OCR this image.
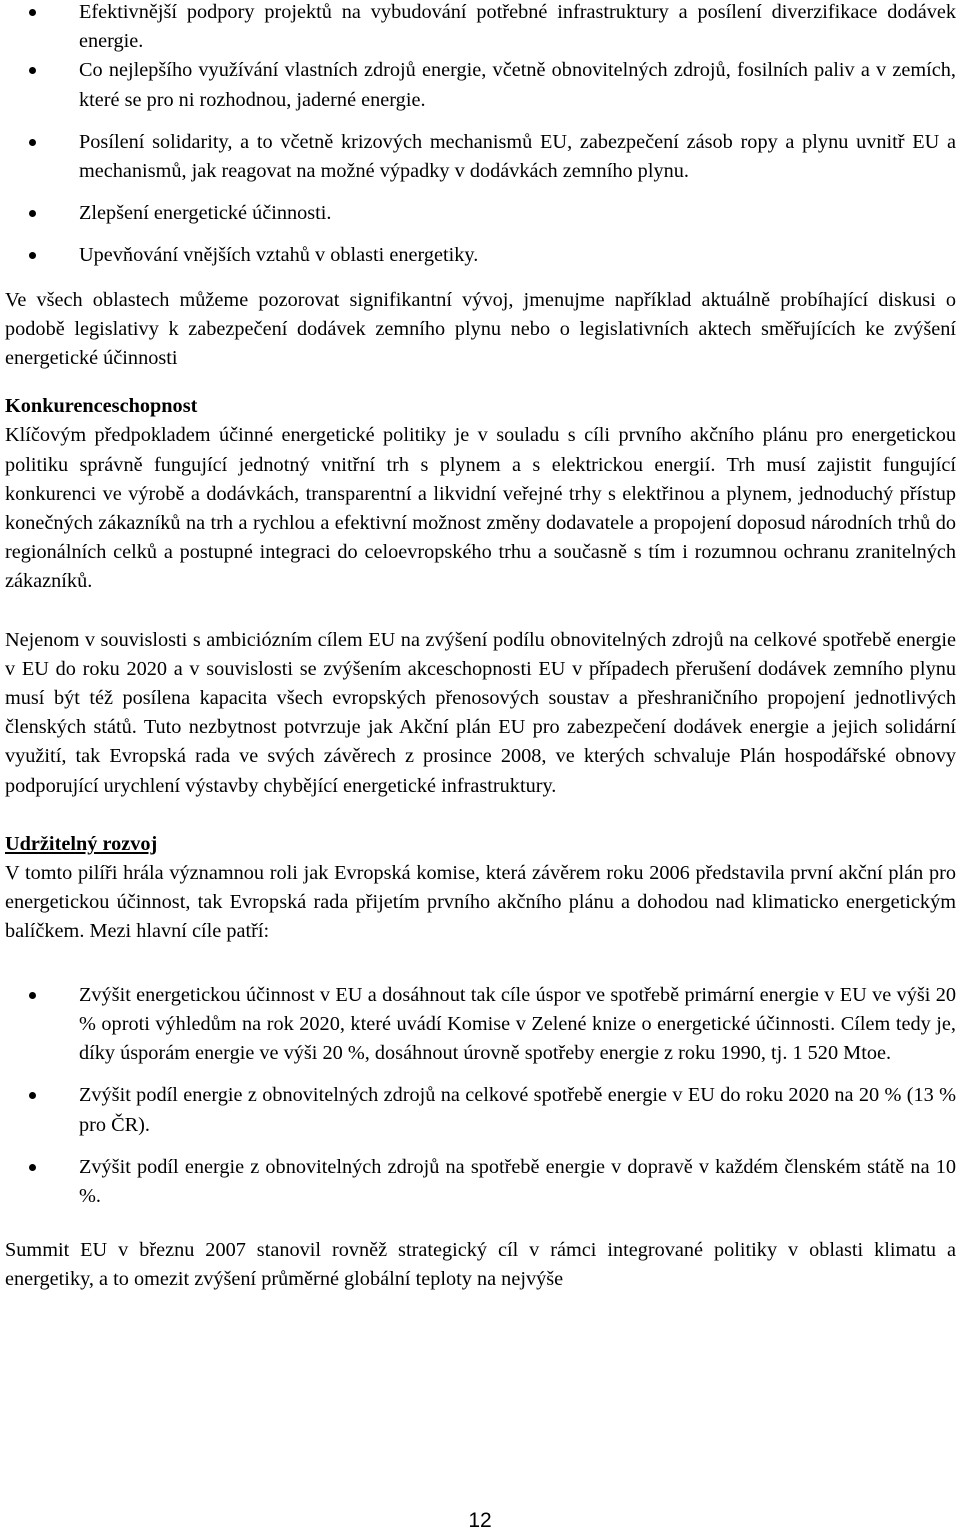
Efektivnější podpory projektů na vybudování potřebné infrastruktury a posílení diverzifikace dodávek energie.
Co nejlepšího využívání vlastních zdrojů energie, včetně obnovitelných zdrojů, fosilních paliv a v zemích, které se pro ni rozhodnou, jaderné energie.
Posílení solidarity, a to včetně krizových mechanismů EU, zabezpečení zásob ropy a plynu uvnitř EU a mechanismů, jak reagovat na možné výpadky v dodávkách zemního plynu.
Zlepšení energetické účinnosti.
Upevňování vnějších vztahů v oblasti energetiky.

Ve všech oblastech můžeme pozorovat signifikantní vývoj, jmenujme například aktuálně probíhající diskusi o podobě legislativy k zabezpečení dodávek zemního plynu nebo o legislativních aktech směřujících ke zvýšení energetické účinnosti

Konkurenceschopnost

Klíčovým předpokladem účinné energetické politiky je v souladu s cíli prvního akčního plánu pro energetickou politiku správně fungující jednotný vnitřní trh s plynem a s elektrickou energií. Trh musí zajistit fungující konkurenci ve výrobě a dodávkách, transparentní a likvidní veřejné trhy s elektřinou a plynem, jednoduchý přístup konečných zákazníků na trh a rychlou a efektivní možnost změny dodavatele a propojení doposud národních trhů do regionálních celků a postupné integraci do celoevropského trhu a současně s tím i rozumnou ochranu zranitelných zákazníků.

Nejenom v souvislosti s ambiciózním cílem EU na zvýšení podílu obnovitelných zdrojů na celkové spotřebě energie v EU do roku 2020 a v souvislosti se zvýšením akceschopnosti EU v případech přerušení dodávek zemního plynu musí být též posílena kapacita všech evropských přenosových soustav a přeshraničního propojení jednotlivých členských států. Tuto nezbytnost potvrzuje jak Akční plán EU pro zabezpečení dodávek energie a jejich solidární využití, tak Evropská rada ve svých závěrech z prosince 2008, ve kterých schvaluje Plán hospodářské obnovy podporující urychlení výstavby chybějící energetické infrastruktury.

Udržitelný rozvoj

V tomto pilíři hrála významnou roli jak Evropská komise, která závěrem roku 2006 představila první akční plán pro energetickou účinnost, tak Evropská rada přijetím prvního akčního plánu a dohodou nad klimaticko energetickým balíčkem. Mezi hlavní cíle patří:

Zvýšit energetickou účinnost v EU a dosáhnout tak cíle úspor ve spotřebě primární energie v EU ve výši 20 % oproti výhledům na rok 2020, které uvádí Komise v Zelené knize o energetické účinnosti. Cílem tedy je, díky úsporám energie ve výši 20 %, dosáhnout úrovně spotřeby energie z roku 1990, tj. 1 520 Mtoe.
Zvýšit podíl energie z obnovitelných zdrojů na celkové spotřebě energie v EU do roku 2020 na 20 % (13 % pro ČR).
Zvýšit podíl energie z obnovitelných zdrojů na spotřebě energie v dopravě v každém členském státě na 10 %.

Summit EU v březnu 2007 stanovil rovněž strategický cíl v rámci integrované politiky v oblasti klimatu a energetiky, a to omezit zvýšení průměrné globální teploty na nejvýše

12
